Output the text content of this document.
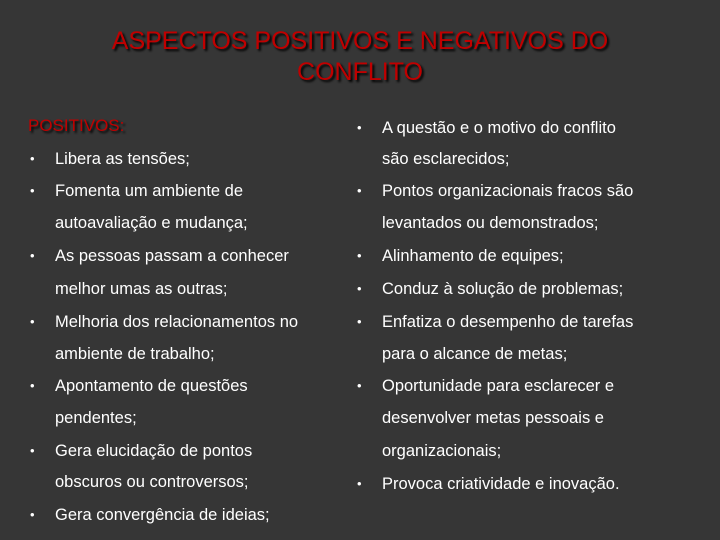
ASPECTOS POSITIVOS E NEGATIVOS DO
CONFLITO
POSITIVOS:
• Libera as tensões;
• Fomenta um ambiente de
autoavaliação e mudança;
• As pessoas passam a conhecer
melhor umas as outras;
• Melhoria dos relacionamentos no
ambiente de trabalho;
• Apontamento de questões
pendentes;
• Gera elucidação de pontos
obscuros ou controversos;
• Gera convergência de ideias;
• A questão e o motivo do conflito
são esclarecidos;
• Pontos organizacionais fracos são
levantados ou demonstrados;
• Alinhamento de equipes;
• Conduz à solução de problemas;
• Enfatiza o desempenho de tarefas
para o alcance de metas;
• Oportunidade para esclarecer e
desenvolver metas pessoais e
organizacionais;
• Provoca criatividade e inovação.
